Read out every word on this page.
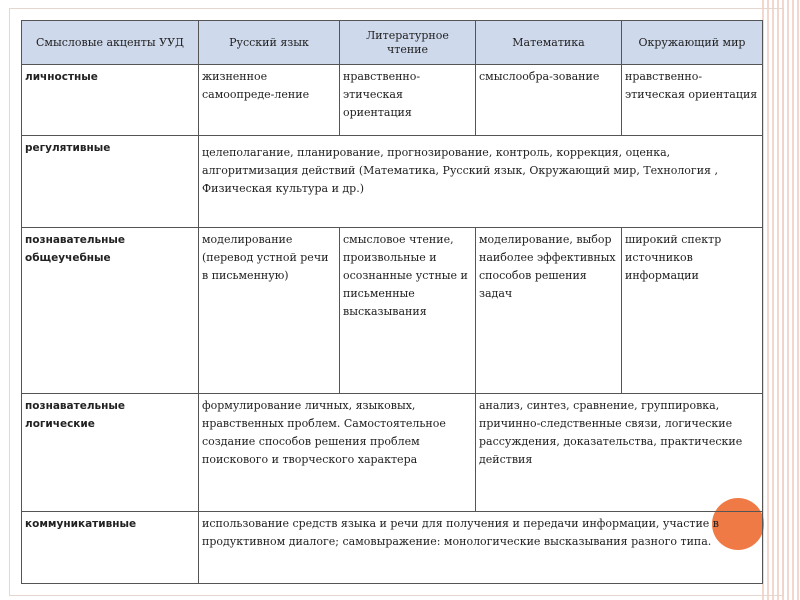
Смысловые акценты УУД	Русский язык	Литературное чтение	Математика	Окружающий мир
личностные	жизненное самоопреде-ление	нравственно-этическая ориентация	смыслообра-зование	нравственно-этическая ориентация
регулятивные	целеполагание, планирование, прогнозирование, контроль, коррекция, оценка, алгоритмизация действий (Математика, Русский язык, Окружающий мир, Технология , Физическая культура и др.)			
познавательные общеучебные	моделирование (перевод устной речи в письменную)	смысловое чтение, произвольные и осознанные устные и письменные высказывания	моделирование, выбор наиболее эффективных способов решения задач	широкий спектр источников информации
познавательные логические	формулирование личных, языковых, нравственных проблем. Самостоятельное создание способов решения проблем поискового и творческого характера		анализ, синтез, сравнение, группировка, причинно-следственные связи, логические рассуждения, доказательства, практические действия	
коммуникативные	использование средств языка и речи для получения и передачи информации, участие в продуктивном диалоге; самовыражение: монологические высказывания разного типа.			
